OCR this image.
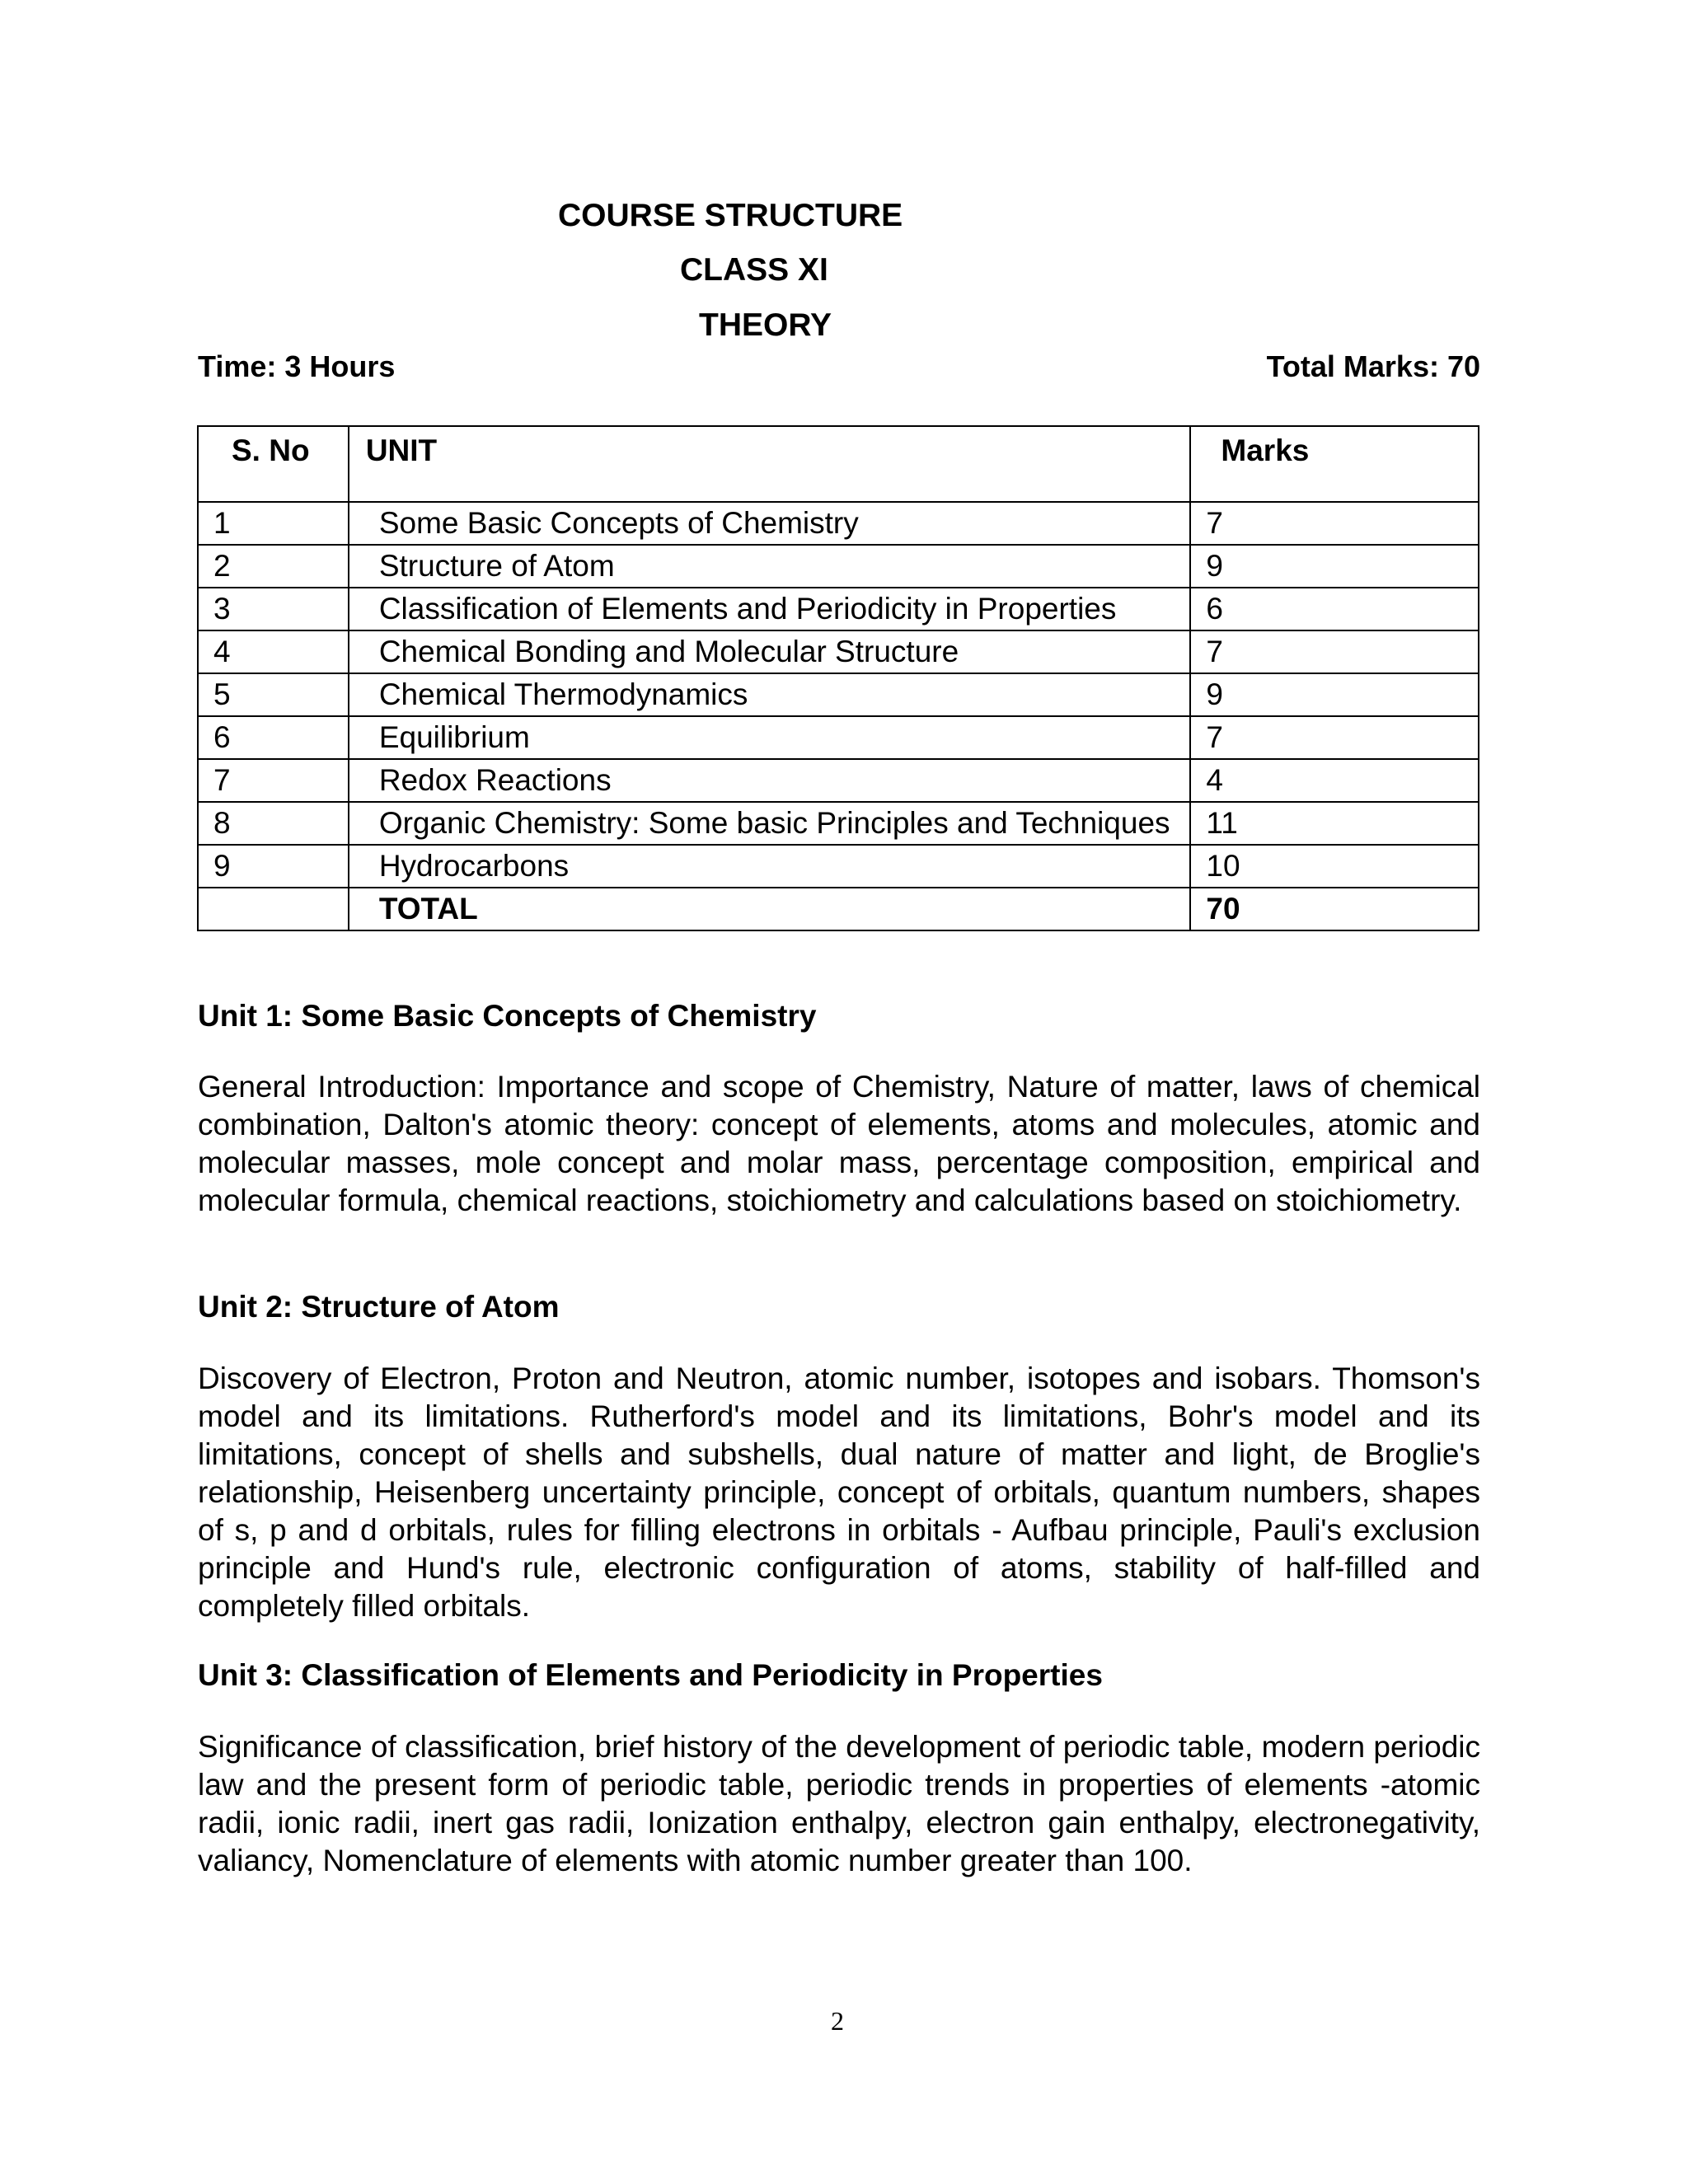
COURSE STRUCTURE
CLASS XI
THEORY
Time: 3 Hours	Total Marks: 70
S. No	UNIT	Marks
1	Some Basic Concepts of Chemistry	7
2	Structure of Atom	9
3	Classification of Elements and Periodicity in Properties	6
4	Chemical Bonding and Molecular Structure	7
5	Chemical Thermodynamics	9
6	Equilibrium	7
7	Redox Reactions	4
8	Organic Chemistry: Some basic Principles and Techniques	11
9	Hydrocarbons	10
	TOTAL	70
Unit 1: Some Basic Concepts of Chemistry

General Introduction: Importance and scope of Chemistry, Nature of matter, laws of chemical combination, Dalton's atomic theory: concept of elements, atoms and molecules, atomic and molecular masses, mole concept and molar mass, percentage composition, empirical and molecular formula, chemical reactions, stoichiometry and calculations based on stoichiometry.

Unit 2: Structure of Atom

Discovery of Electron, Proton and Neutron, atomic number, isotopes and isobars. Thomson's model and its limitations. Rutherford's model and its limitations, Bohr's model and its limitations, concept of shells and subshells, dual nature of matter and light, de Broglie's relationship, Heisenberg uncertainty principle, concept of orbitals, quantum numbers, shapes of s, p and d orbitals, rules for filling electrons in orbitals - Aufbau principle, Pauli's exclusion principle and Hund's rule, electronic configuration of atoms, stability of half-filled and completely filled orbitals.

Unit 3: Classification of Elements and Periodicity in Properties

Significance of classification, brief history of the development of periodic table, modern periodic law and the present form of periodic table, periodic trends in properties of elements -atomic radii, ionic radii, inert gas radii, Ionization enthalpy, electron gain enthalpy, electronegativity, valiancy, Nomenclature of elements with atomic number greater than 100.

2
